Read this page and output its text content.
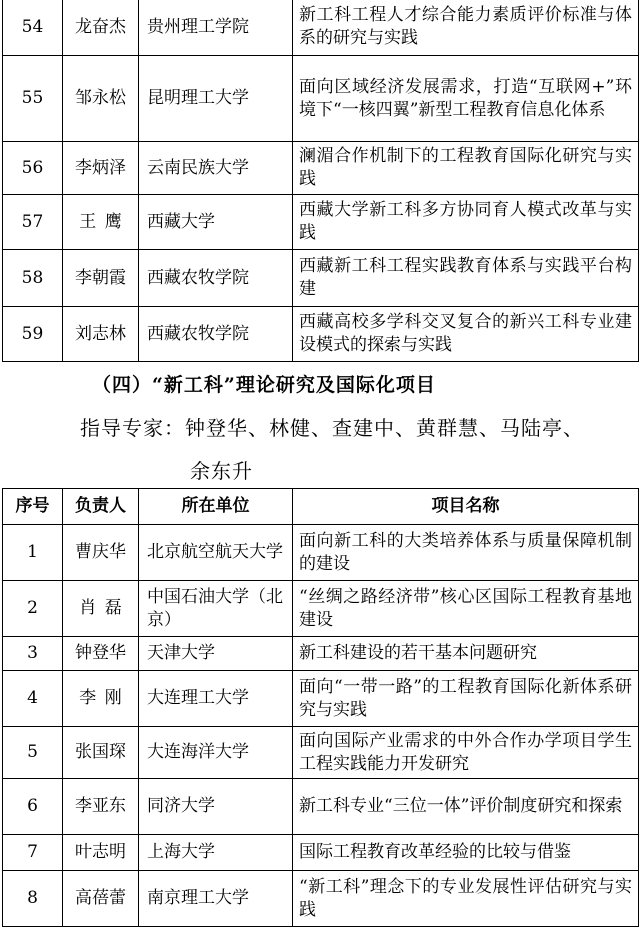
54	龙奋杰	贵州理工学院	新工科工程人才综合能力素质评价标准与体系的研究与实践
55	邹永松	昆明理工大学	面向区域经济发展需求，打造“互联网+”环境下“一核四翼”新型工程教育信息化体系
56	李炳泽	云南民族大学	澜湄合作机制下的工程教育国际化研究与实践
57	王鹰	西藏大学	西藏大学新工科多方协同育人模式改革与实践
58	李朝霞	西藏农牧学院	西藏新工科工程实践教育体系与实践平台构建
59	刘志林	西藏农牧学院	西藏高校多学科交叉复合的新兴工科专业建设模式的探索与实践
（四）“新工科”理论研究及国际化项目
指导专家：钟登华、林健、查建中、黄群慧、马陆亭、
余东升
序号	负责人	所在单位	项目名称
1	曹庆华	北京航空航天大学	面向新工科的大类培养体系与质量保障机制的建设
2	肖磊	中国石油大学（北京）	“丝绸之路经济带”核心区国际工程教育基地建设
3	钟登华	天津大学	新工科建设的若干基本问题研究
4	李刚	大连理工大学	面向“一带一路”的工程教育国际化新体系研究与实践
5	张国琛	大连海洋大学	面向国际产业需求的中外合作办学项目学生工程实践能力开发研究
6	李亚东	同济大学	新工科专业“三位一体”评价制度研究和探索
7	叶志明	上海大学	国际工程教育改革经验的比较与借鉴
8	高蓓蕾	南京理工大学	“新工科”理念下的专业发展性评估研究与实践
